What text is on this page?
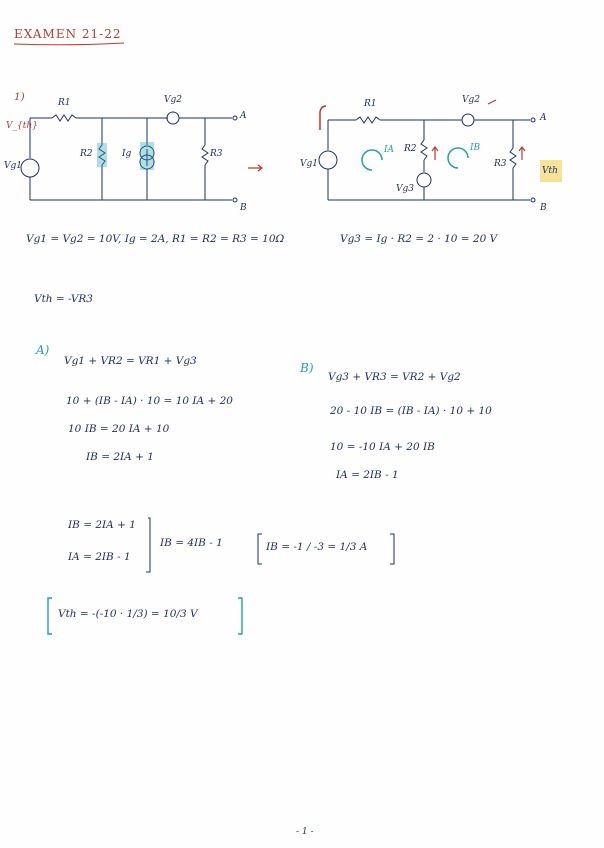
EXAMEN 21-22
1)
V_{th}
R1
R2	Ig	R3
Vg2
Vg1
A
B
R1
R2
R3
Vg2
Vg1
Vg3
IA	IB
Vth
A
B
Vg1 = Vg2 = 10V, Ig = 2A, R1 = R2 = R3 = 10Ω	Vg3 = Ig · R2 = 2 · 10 = 20 V
Vth = -VR3
A)
Vg1 + VR2 = VR1 + Vg3
10 + (IB - IA) · 10 = 10 IA + 20
10 IB = 20 IA + 10
IB = 2IA + 1
B)
Vg3 + VR3 = VR2 + Vg2
20 - 10 IB = (IB - IA) · 10 + 10
10 = -10 IA + 20 IB
IA = 2IB - 1
IB = 2IA + 1
IA = 2IB - 1
IB = 4IB - 1	IB = -1 / -3 = 1/3 A
Vth = -(-10 · 1/3) = 10/3 V
- 1 -
